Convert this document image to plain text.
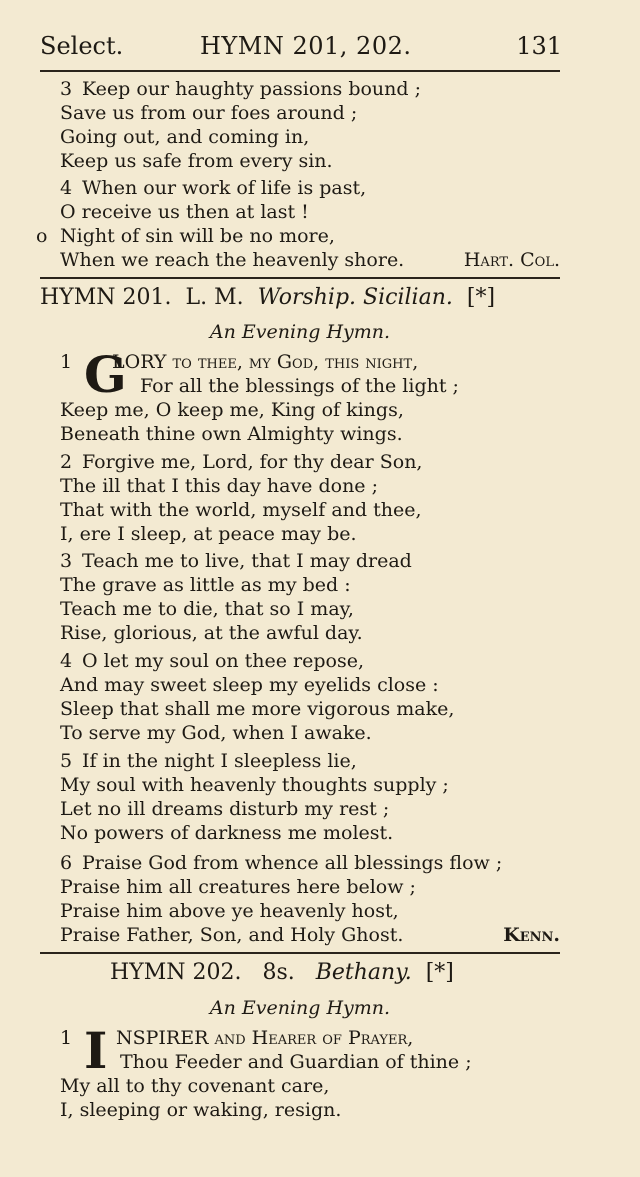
Select.	HYMN 201, 202.	131
3 Keep our haughty passions bound ;
Save us from our foes around ;
Going out, and coming in,
Keep us safe from every sin.
4 When our work of life is past,
O receive us then at last !
o Night of sin will be no more,
When we reach the heavenly shore.	Hart. Col.
HYMN 201. L. M. Worship. Sicilian. [*]
An Evening Hymn.
G
1 LORY to thee, my God, this night,
For all the blessings of the light ;
Keep me, O keep me, King of kings,
Beneath thine own Almighty wings.
2 Forgive me, Lord, for thy dear Son,
The ill that I this day have done ;
That with the world, myself and thee,
I, ere I sleep, at peace may be.
3 Teach me to live, that I may dread
The grave as little as my bed :
Teach me to die, that so I may,
Rise, glorious, at the awful day.
4 O let my soul on thee repose,
And may sweet sleep my eyelids close :
Sleep that shall me more vigorous make,
To serve my God, when I awake.
5 If in the night I sleepless lie,
My soul with heavenly thoughts supply ;
Let no ill dreams disturb my rest ;
No powers of darkness me molest.
6 Praise God from whence all blessings flow ;
Praise him all creatures here below ;
Praise him above ye heavenly host,
Praise Father, Son, and Holy Ghost.	Kenn.
HYMN 202. 8s. Bethany. [*]
An Evening Hymn.
I
1 NSPIRER and Hearer of Prayer,
Thou Feeder and Guardian of thine ;
My all to thy covenant care,
I, sleeping or waking, resign.
